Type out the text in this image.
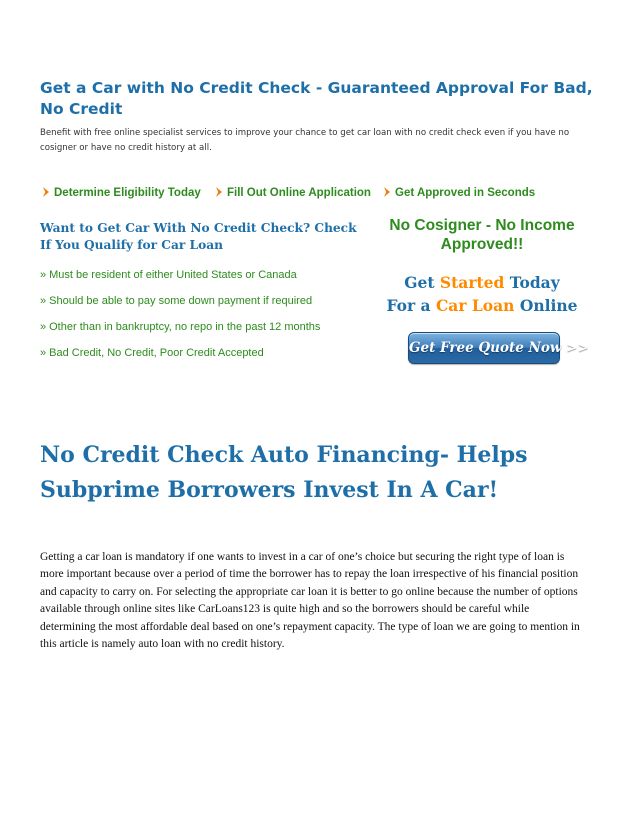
Get a Car with No Credit Check - Guaranteed Approval For Bad, No Credit
Benefit with free online specialist services to improve your chance to get car loan with no credit check even if you have no cosigner or have no credit history at all.
Determine Eligibility Today	Fill Out Online Application	Get Approved in Seconds
Want to Get Car With No Credit Check? Check If You Qualify for Car Loan
» Must be resident of either United States or Canada
» Should be able to pay some down payment if required
» Other than in bankruptcy, no repo in the past 12 months
» Bad Credit, No Credit, Poor Credit Accepted
No Cosigner - No Income Approved!!
Get Started Today
For a Car Loan Online
Get Free Quote Now >>
No Credit Check Auto Financing- Helps Subprime Borrowers Invest In A Car!
Getting a car loan is mandatory if one wants to invest in a car of one’s choice but securing the right type of loan is more important because over a period of time the borrower has to repay the loan irrespective of his financial position and capacity to carry on. For selecting the appropriate car loan it is better to go online because the number of options available through online sites like CarLoans123 is quite high and so the borrowers should be careful while determining the most affordable deal based on one’s repayment capacity. The type of loan we are going to mention in this article is namely auto loan with no credit history.
